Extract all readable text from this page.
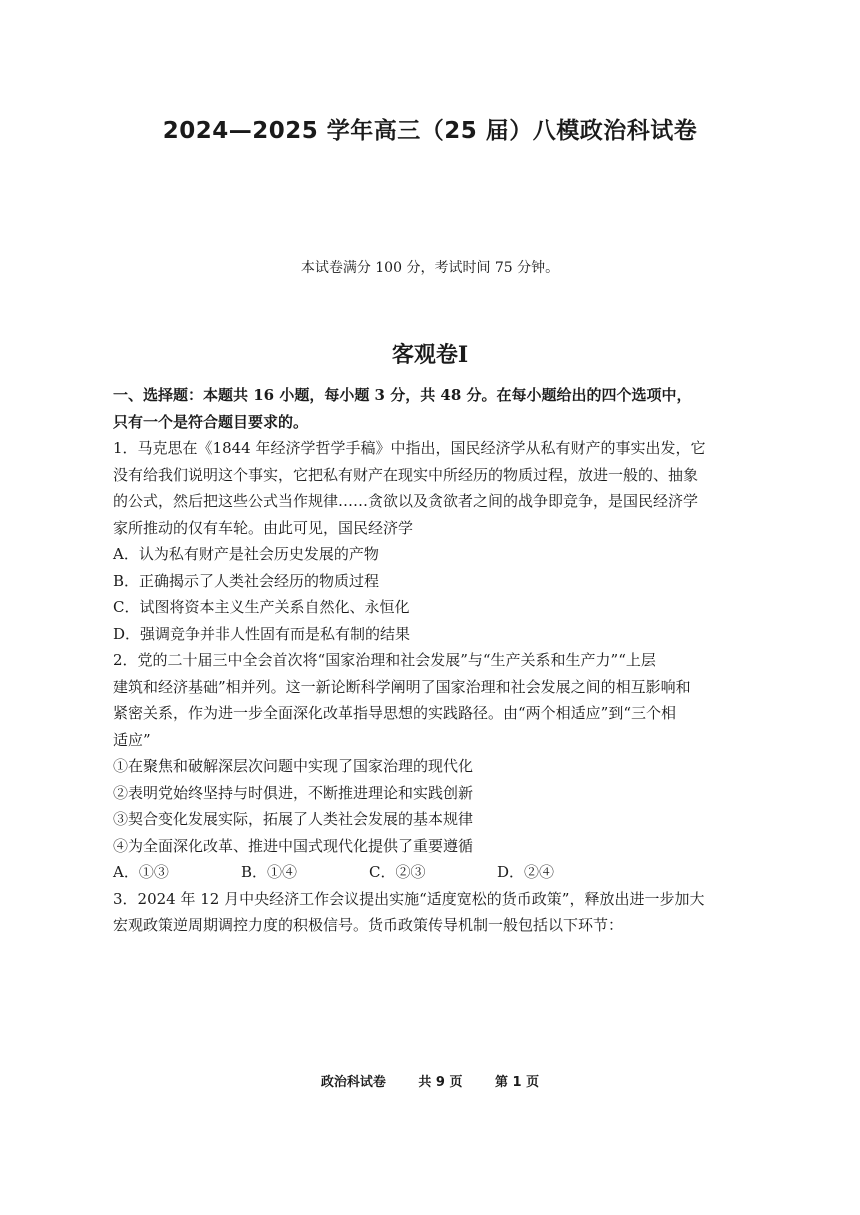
2024—2025 学年高三（25 届）八模政治科试卷
本试卷满分 100 分，考试时间 75 分钟。
客观卷Ⅰ

一、选择题：本题共 16 小题，每小题 3 分，共 48 分。在每小题给出的四个选项中，

只有一个是符合题目要求的。

1．马克思在《1844 年经济学哲学手稿》中指出，国民经济学从私有财产的事实出发，它

没有给我们说明这个事实，它把私有财产在现实中所经历的物质过程，放进一般的、抽象

的公式，然后把这些公式当作规律……贪欲以及贪欲者之间的战争即竞争，是国民经济学

家所推动的仅有车轮。由此可见，国民经济学

A．认为私有财产是社会历史发展的产物

B．正确揭示了人类社会经历的物质过程

C．试图将资本主义生产关系自然化、永恒化

D．强调竞争并非人性固有而是私有制的结果

2．党的二十届三中全会首次将“国家治理和社会发展”与“生产关系和生产力”“上层

建筑和经济基础”相并列。这一新论断科学阐明了国家治理和社会发展之间的相互影响和

紧密关系，作为进一步全面深化改革指导思想的实践路径。由“两个相适应”到“三个相

适应”

①在聚焦和破解深层次问题中实现了国家治理的现代化

②表明党始终坚持与时俱进，不断推进理论和实践创新

③契合变化发展实际，拓展了人类社会发展的基本规律

④为全面深化改革、推进中国式现代化提供了重要遵循

A．①③	B．①④	C．②③	D．②④

3．2024 年 12 月中央经济工作会议提出实施“适度宽松的货币政策”，释放出进一步加大

宏观政策逆周期调控力度的积极信号。货币政策传导机制一般包括以下环节：

政治科试卷	共 9 页	第 1 页
